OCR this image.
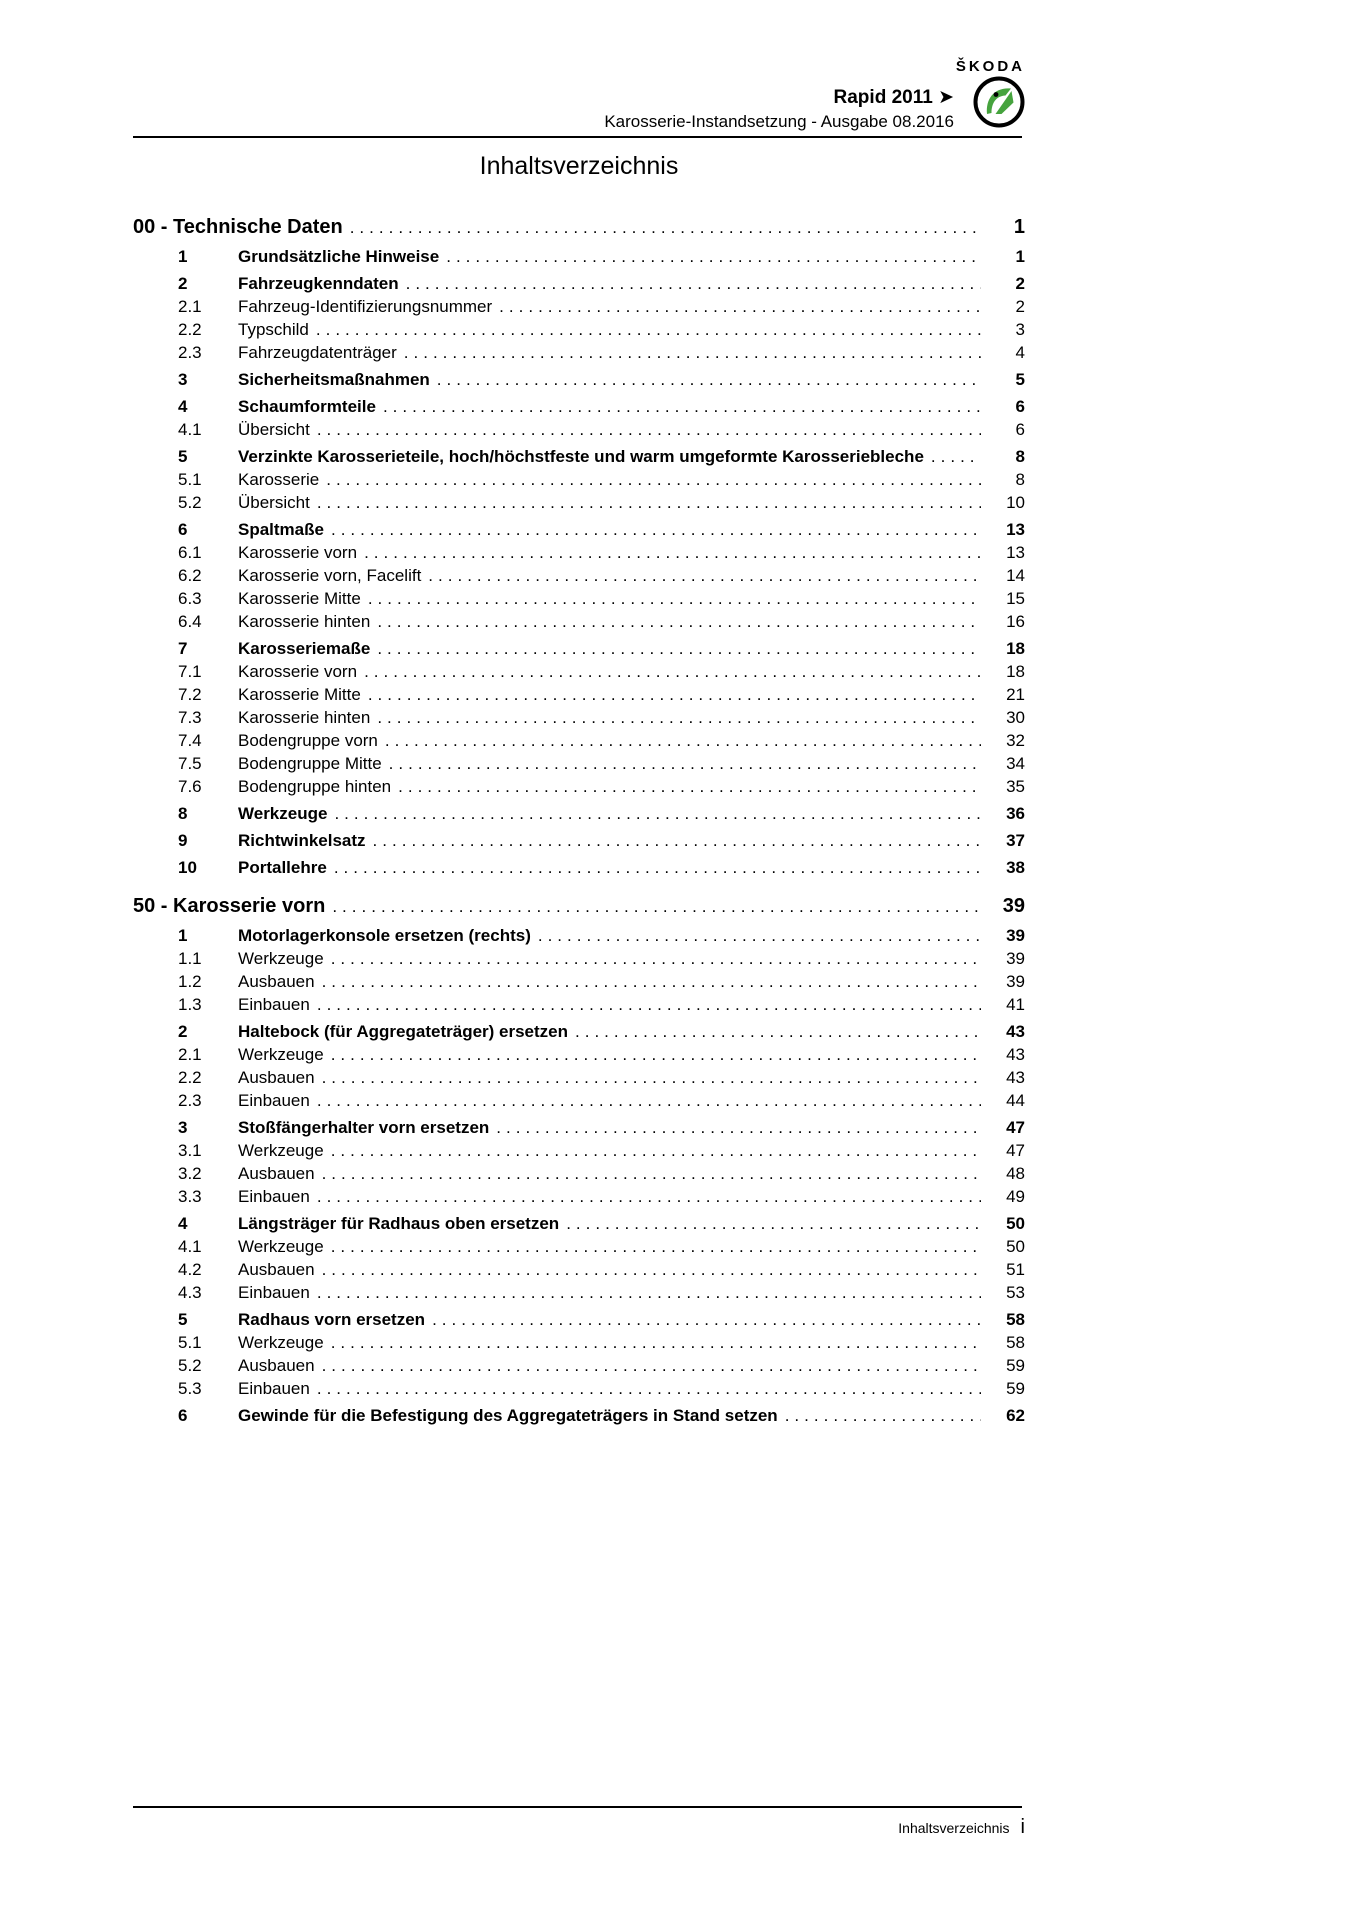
ŠKODA
Rapid 2011 ➤
Karosserie-Instandsetzung - Ausgabe 08.2016
Inhaltsverzeichnis
00 - Technische Daten .....	1
1	Grundsätzliche Hinweise .....	1
2	Fahrzeugkenndaten .....	2
2.1	Fahrzeug-Identifizierungsnummer .....	2
2.2	Typschild .....	3
2.3	Fahrzeugdatenträger .....	4
3	Sicherheitsmaßnahmen .....	5
4	Schaumformteile .....	6
4.1	Übersicht .....	6
5	Verzinkte Karosserieteile, hoch/höchstfeste und warm umgeformte Karosseriebleche .....	8
5.1	Karosserie .....	8
5.2	Übersicht .....	10
6	Spaltmaße .....	13
6.1	Karosserie vorn .....	13
6.2	Karosserie vorn, Facelift .....	14
6.3	Karosserie Mitte .....	15
6.4	Karosserie hinten .....	16
7	Karosseriemaße .....	18
7.1	Karosserie vorn .....	18
7.2	Karosserie Mitte .....	21
7.3	Karosserie hinten .....	30
7.4	Bodengruppe vorn .....	32
7.5	Bodengruppe Mitte .....	34
7.6	Bodengruppe hinten .....	35
8	Werkzeuge .....	36
9	Richtwinkelsatz .....	37
10	Portallehre .....	38
50 - Karosserie vorn .....	39
1	Motorlagerkonsole ersetzen (rechts) .....	39
1.1	Werkzeuge .....	39
1.2	Ausbauen .....	39
1.3	Einbauen .....	41
2	Haltebock (für Aggregateträger) ersetzen .....	43
2.1	Werkzeuge .....	43
2.2	Ausbauen .....	43
2.3	Einbauen .....	44
3	Stoßfängerhalter vorn ersetzen .....	47
3.1	Werkzeuge .....	47
3.2	Ausbauen .....	48
3.3	Einbauen .....	49
4	Längsträger für Radhaus oben ersetzen .....	50
4.1	Werkzeuge .....	50
4.2	Ausbauen .....	51
4.3	Einbauen .....	53
5	Radhaus vorn ersetzen .....	58
5.1	Werkzeuge .....	58
5.2	Ausbauen .....	59
5.3	Einbauen .....	59
6	Gewinde für die Befestigung des Aggregateträgers in Stand setzen .....	62
Inhaltsverzeichnis i
